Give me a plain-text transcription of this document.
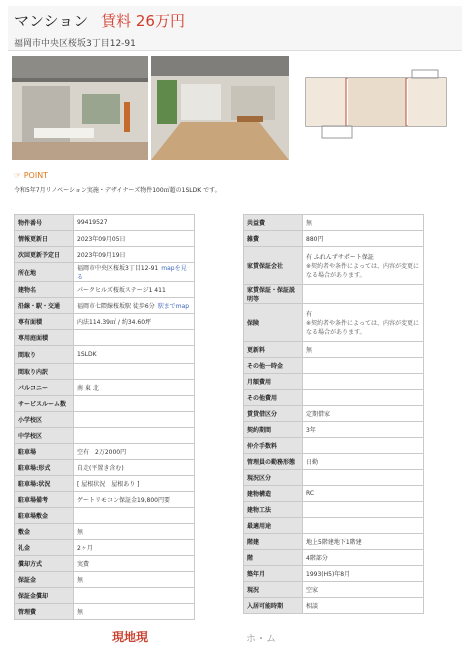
マンション 賃料 26万円
福岡市中央区桜坂3丁目12-91
☞ POINT
令和5年7月リノベーション実施・デザイナーズ物件100㎡超の1SLDK です。
物件番号	99419527
情報更新日	2023年09月05日
次回更新予定日	2023年09月19日
所在地	福岡市中央区桜坂3丁目12-91 mapを見る
建物名	パークヒルズ桜坂ステージ1 411
沿線・駅・交通	福岡市七隈線桜坂駅 徒歩6分 駅までmap
専有面積	内法114.39㎡ / 約34.60坪
専用庭面積	
間取り	1SLDK
間取り内訳	
バルコニー	南 東 北
サービスルーム数	
小学校区	
中学校区	
駐車場	空有　2万2000円
駐車場:形式	自走(平置き含む)
駐車場:状況	[ 屋根状況　屋根あり ]
駐車場備考	ゲートリモコン保証金19,800円要
駐車場敷金	
敷金	無
礼金	2ヶ月
償却方式	実費
保証金	無
保証金償却	
管理費	無
共益費	無
雑費	880円
家賃保証会社	有 ふれんずサポート保証
※契約者や条件によっては、内容が変更になる場合があります。
家賃保証・保証説明等	
保険	有
※契約者や条件によっては、内容が変更になる場合があります。
更新料	無
その他一時金	
月額費用	
その他費用	
賃貸借区分	定期借家
契約期間	3年
仲介手数料	
管理員の勤務形態	日勤
現況区分	
建物構造	RC
建物工法	
最適用途	
階建	地上5階建地下1階建
階	4階部分
築年月	1993(H5)年8月
現況	空家
入居可能時期	相談
現地現	ホ・ム
